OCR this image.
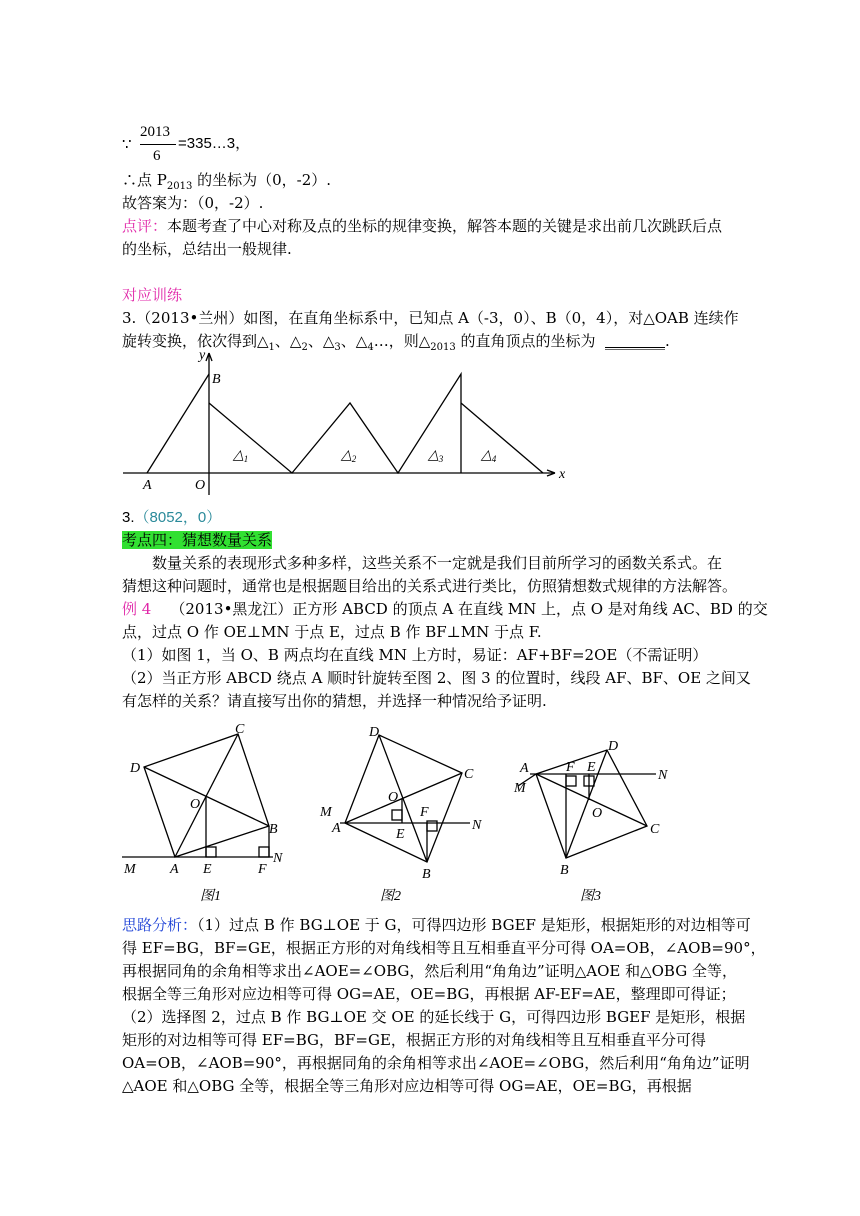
∵
2013
6
=335…3，
∴点 $P_{2013}$ 的坐标为（0，-2）.
故答案为：（0，-2）.
点评：本题考查了中心对称及点的坐标的规律变换，解答本题的关键是求出前几次跳跃后点
的坐标，总结出一般规律.
对应训练
3.（2013•兰州）如图，在直角坐标系中，已知点 A（-3，0）、B（0，4），对△OAB 连续作
旋转变换，依次得到$\triangle_1$、$\triangle_2$、$\triangle_3$、$\triangle_4\dots$，则$\triangle_{2013}$ 的直角顶点的坐标为 ________.
y
x
B
A	O
$\triangle_1$	$\triangle_2$	$\triangle_3$	$\triangle_4$
3.（8052，0）
考点四：猜想数量关系
数量关系的表现形式多种多样，这些关系不一定就是我们目前所学习的函数关系式。在
猜想这种问题时，通常也是根据题目给出的关系式进行类比，仿照猜想数式规律的方法解答。
例 4 （2013•黑龙江）正方形 ABCD 的顶点 A 在直线 MN 上，点 O 是对角线 AC、BD 的交
点，过点 O 作 OE⊥MN 于点 E，过点 B 作 BF⊥MN 于点 F.
（1）如图 1，当 O、B 两点均在直线 MN 上方时，易证：AF+BF=2OE（不需证明）
（2）当正方形 ABCD 绕点 A 顺时针旋转至图 2、图 3 的位置时，线段 AF、BF、OE 之间又
有怎样的关系？请直接写出你的猜想，并选择一种情况给予证明.
C
D
O
B
M A E	F
N
图1
D
C
O
F
M
A	E
N
B
图2
D
A	F E
N
M
O
C
B
图3
思路分析：（1）过点 B 作 BG⊥OE 于 G，可得四边形 BGEF 是矩形，根据矩形的对边相等可
得 EF=BG，BF=GE，根据正方形的对角线相等且互相垂直平分可得 OA=OB，∠AOB=90°，
再根据同角的余角相等求出∠AOE=∠OBG，然后利用“角角边”证明△AOE 和△OBG 全等，
根据全等三角形对应边相等可得 OG=AE，OE=BG，再根据 AF-EF=AE，整理即可得证；
（2）选择图 2，过点 B 作 BG⊥OE 交 OE 的延长线于 G，可得四边形 BGEF 是矩形，根据
矩形的对边相等可得 EF=BG，BF=GE，根据正方形的对角线相等且互相垂直平分可得
OA=OB，∠AOB=90°，再根据同角的余角相等求出∠AOE=∠OBG，然后利用“角角边”证明
△AOE 和△OBG 全等，根据全等三角形对应边相等可得 OG=AE，OE=BG，再根据
